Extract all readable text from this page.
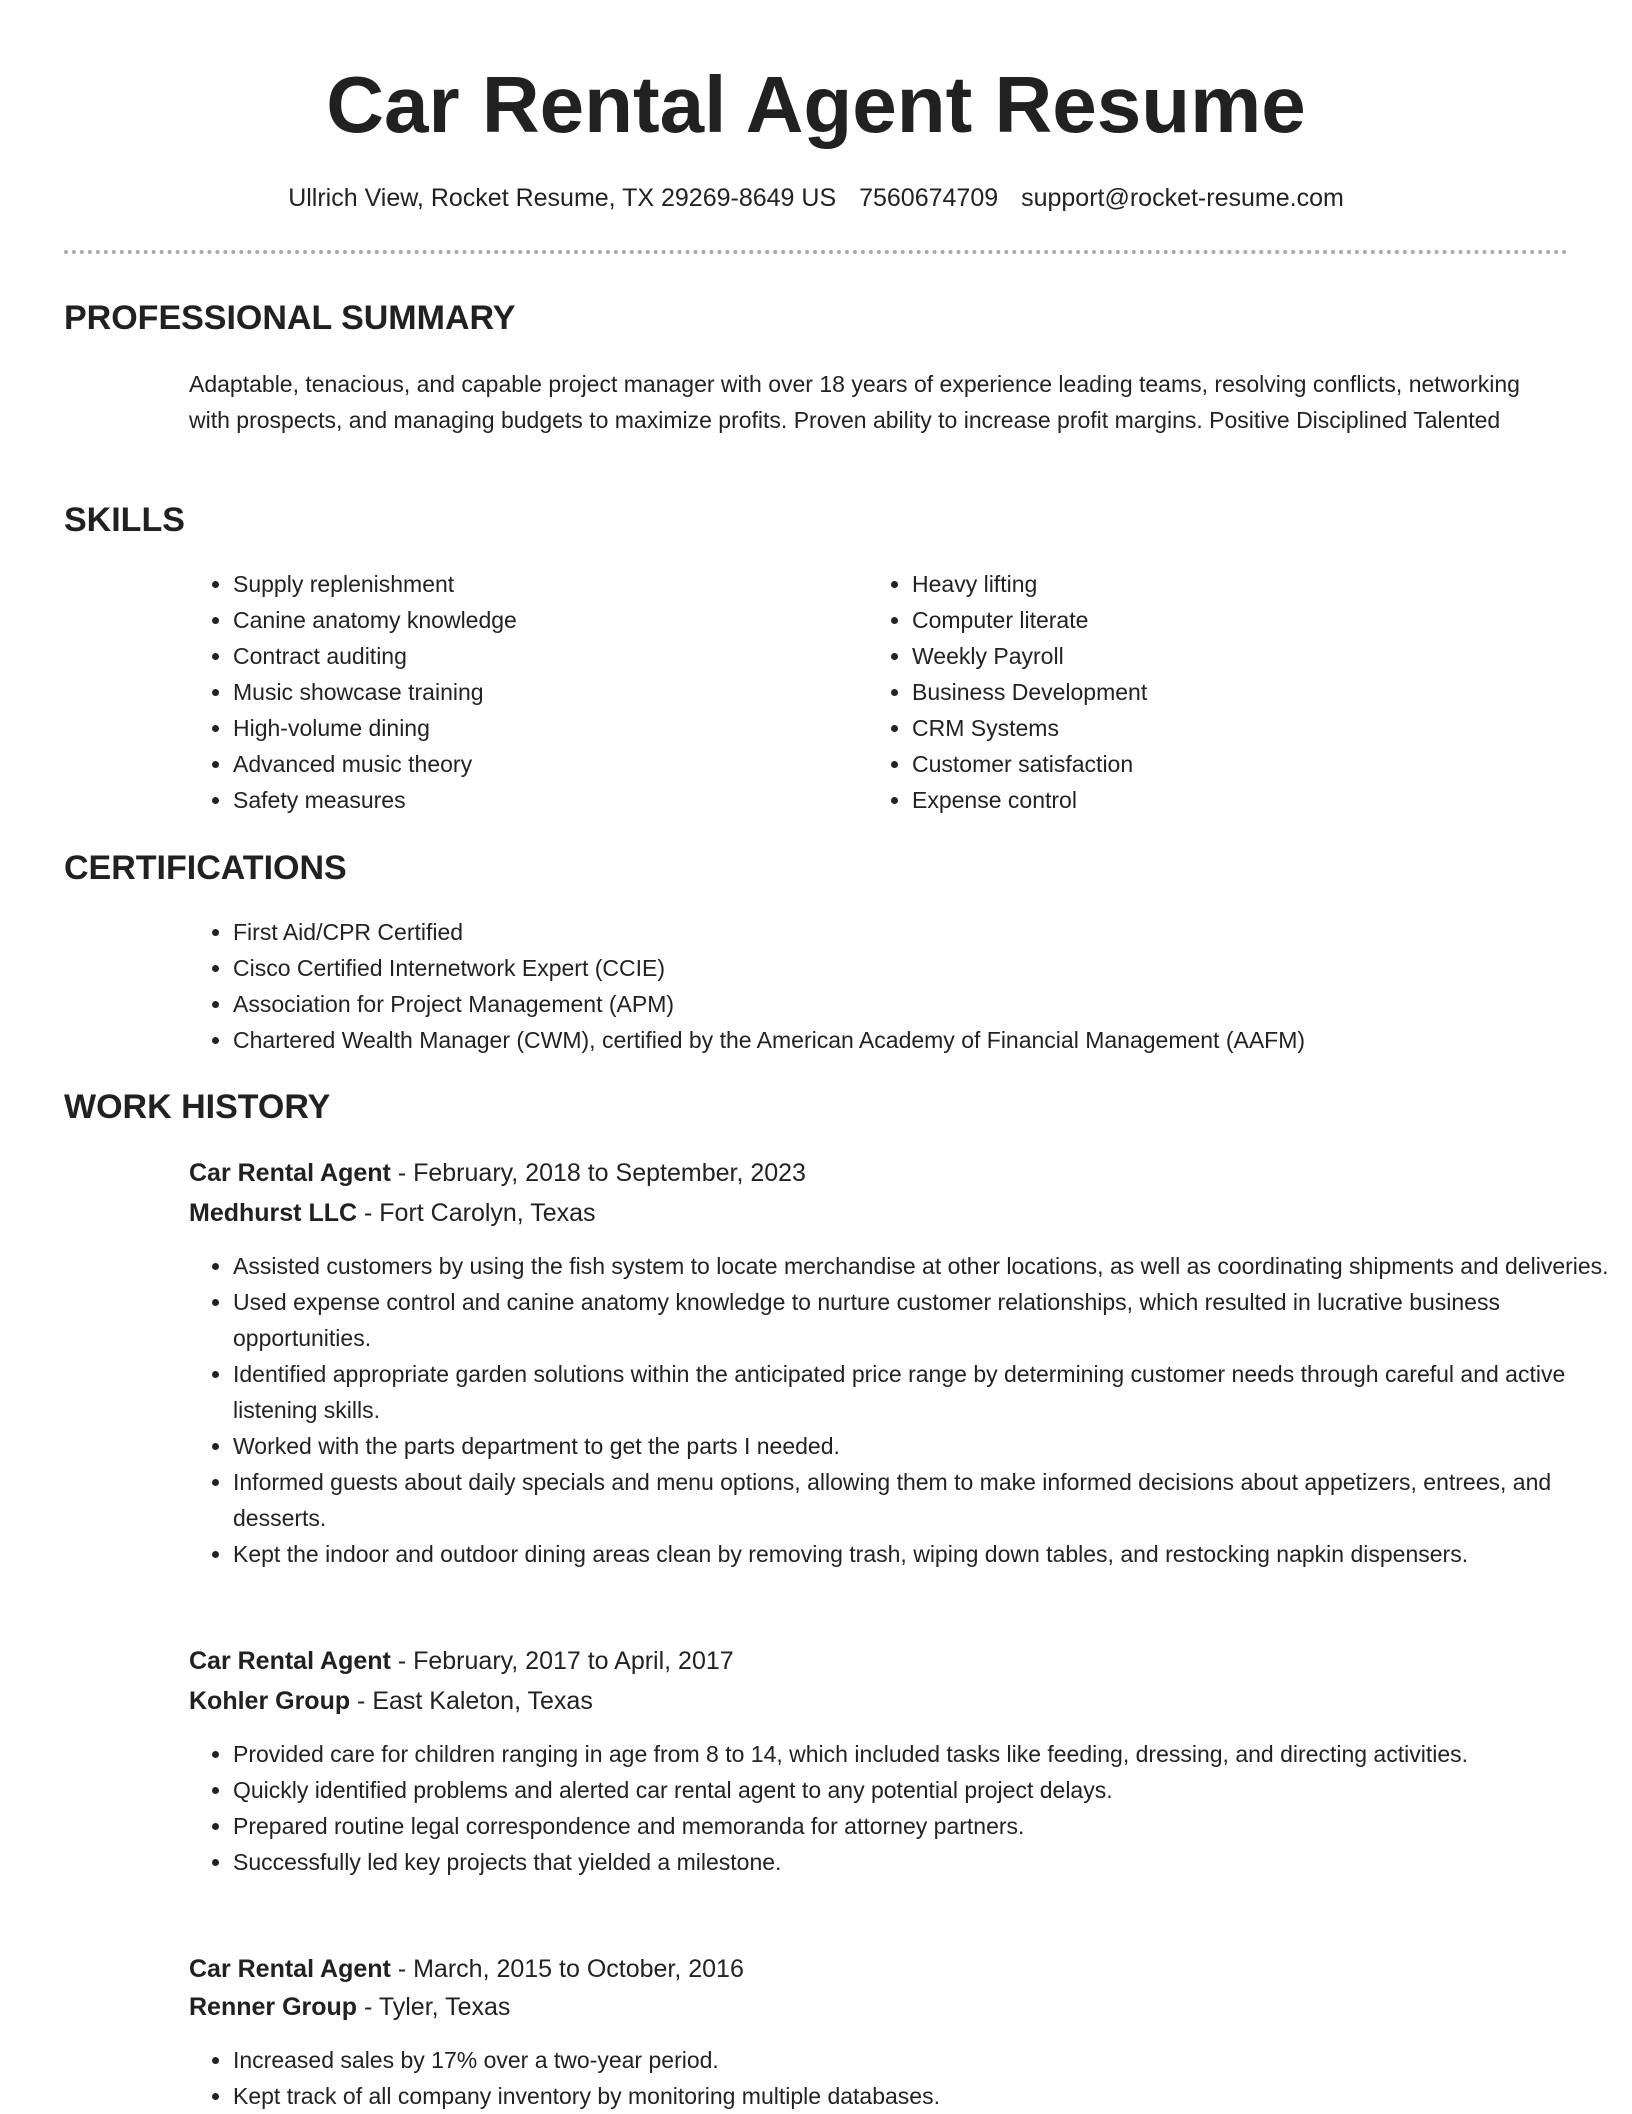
Car Rental Agent Resume
Ullrich View, Rocket Resume, TX 29269-8649 US 7560674709 support@rocket-resume.com
PROFESSIONAL SUMMARY

Adaptable, tenacious, and capable project manager with over 18 years of experience leading teams, resolving conflicts, networking with prospects, and managing budgets to maximize profits. Proven ability to increase profit margins. Positive Disciplined Talented

SKILLS
• Supply replenishment
• Canine anatomy knowledge
• Contract auditing
• Music showcase training
• High-volume dining
• Advanced music theory
• Safety measures
• Heavy lifting
• Computer literate
• Weekly Payroll
• Business Development
• CRM Systems
• Customer satisfaction
• Expense control
CERTIFICATIONS
• First Aid/CPR Certified
• Cisco Certified Internetwork Expert (CCIE)
• Association for Project Management (APM)
• Chartered Wealth Manager (CWM), certified by the American Academy of Financial Management (AAFM)
WORK HISTORY
Car Rental Agent - February, 2018 to September, 2023
Medhurst LLC - Fort Carolyn, Texas
• Assisted customers by using the fish system to locate merchandise at other locations, as well as coordinating shipments and deliveries.
• Used expense control and canine anatomy knowledge to nurture customer relationships, which resulted in lucrative business opportunities.
• Identified appropriate garden solutions within the anticipated price range by determining customer needs through careful and active listening skills.
• Worked with the parts department to get the parts I needed.
• Informed guests about daily specials and menu options, allowing them to make informed decisions about appetizers, entrees, and desserts.
• Kept the indoor and outdoor dining areas clean by removing trash, wiping down tables, and restocking napkin dispensers.
Car Rental Agent - February, 2017 to April, 2017
Kohler Group - East Kaleton, Texas
• Provided care for children ranging in age from 8 to 14, which included tasks like feeding, dressing, and directing activities.
• Quickly identified problems and alerted car rental agent to any potential project delays.
• Prepared routine legal correspondence and memoranda for attorney partners.
• Successfully led key projects that yielded a milestone.
Car Rental Agent - March, 2015 to October, 2016
Renner Group - Tyler, Texas
• Increased sales by 17% over a two-year period.
• Kept track of all company inventory by monitoring multiple databases.
